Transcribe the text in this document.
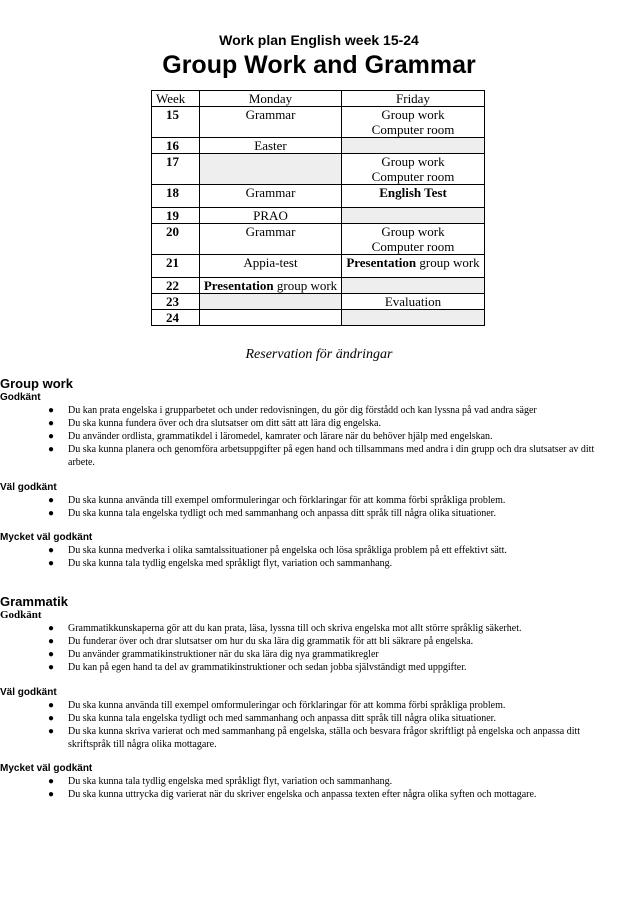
Work plan English week 15-24
Group Work and Grammar
Week	Monday	Friday
15	Grammar	Group work
Computer room
16	Easter	
17		Group work
Computer room
18	Grammar	English Test
19	PRAO	
20	Grammar	Group work
Computer room
21	Appia-test	Presentation group work
22	Presentation group work	
23		Evaluation
24		
Reservation för ändringar
Group work
Godkänt
● Du kan prata engelska i grupparbetet och under redovisningen, du gör dig förstådd och kan lyssna på vad andra säger
● Du ska kunna fundera över och dra slutsatser om ditt sätt att lära dig engelska.
● Du använder ordlista, grammatikdel i läromedel, kamrater och lärare när du behöver hjälp med engelskan.
● Du ska kunna planera och genomföra arbetsuppgifter på egen hand och tillsammans med andra i din grupp och dra slutsatser av ditt arbete.
Väl godkänt
● Du ska kunna använda till exempel omformuleringar och förklaringar för att komma förbi språkliga problem.
● Du ska kunna tala engelska tydligt och med sammanhang och anpassa ditt språk till några olika situationer.
Mycket väl godkänt
● Du ska kunna medverka i olika samtalssituationer på engelska och lösa språkliga problem på ett effektivt sätt.
● Du ska kunna tala tydlig engelska med språkligt flyt, variation och sammanhang.
Grammatik
Godkänt
● Grammatikkunskaperna gör att du kan prata, läsa, lyssna till och skriva engelska mot allt större språklig säkerhet.
● Du funderar över och drar slutsatser om hur du ska lära dig grammatik för att bli säkrare på engelska.
● Du använder grammatikinstruktioner när du ska lära dig nya grammatikregler
● Du kan på egen hand ta del av grammatikinstruktioner och sedan jobba självständigt med uppgifter.
Väl godkänt
● Du ska kunna använda till exempel omformuleringar och förklaringar för att komma förbi språkliga problem.
● Du ska kunna tala engelska tydligt och med sammanhang och anpassa ditt språk till några olika situationer.
● Du ska kunna skriva varierat och med sammanhang på engelska, ställa och besvara frågor skriftligt på engelska och anpassa ditt skriftspråk till några olika mottagare.
Mycket väl godkänt
● Du ska kunna tala tydlig engelska med språkligt flyt, variation och sammanhang.
● Du ska kunna uttrycka dig varierat när du skriver engelska och anpassa texten efter några olika syften och mottagare.
